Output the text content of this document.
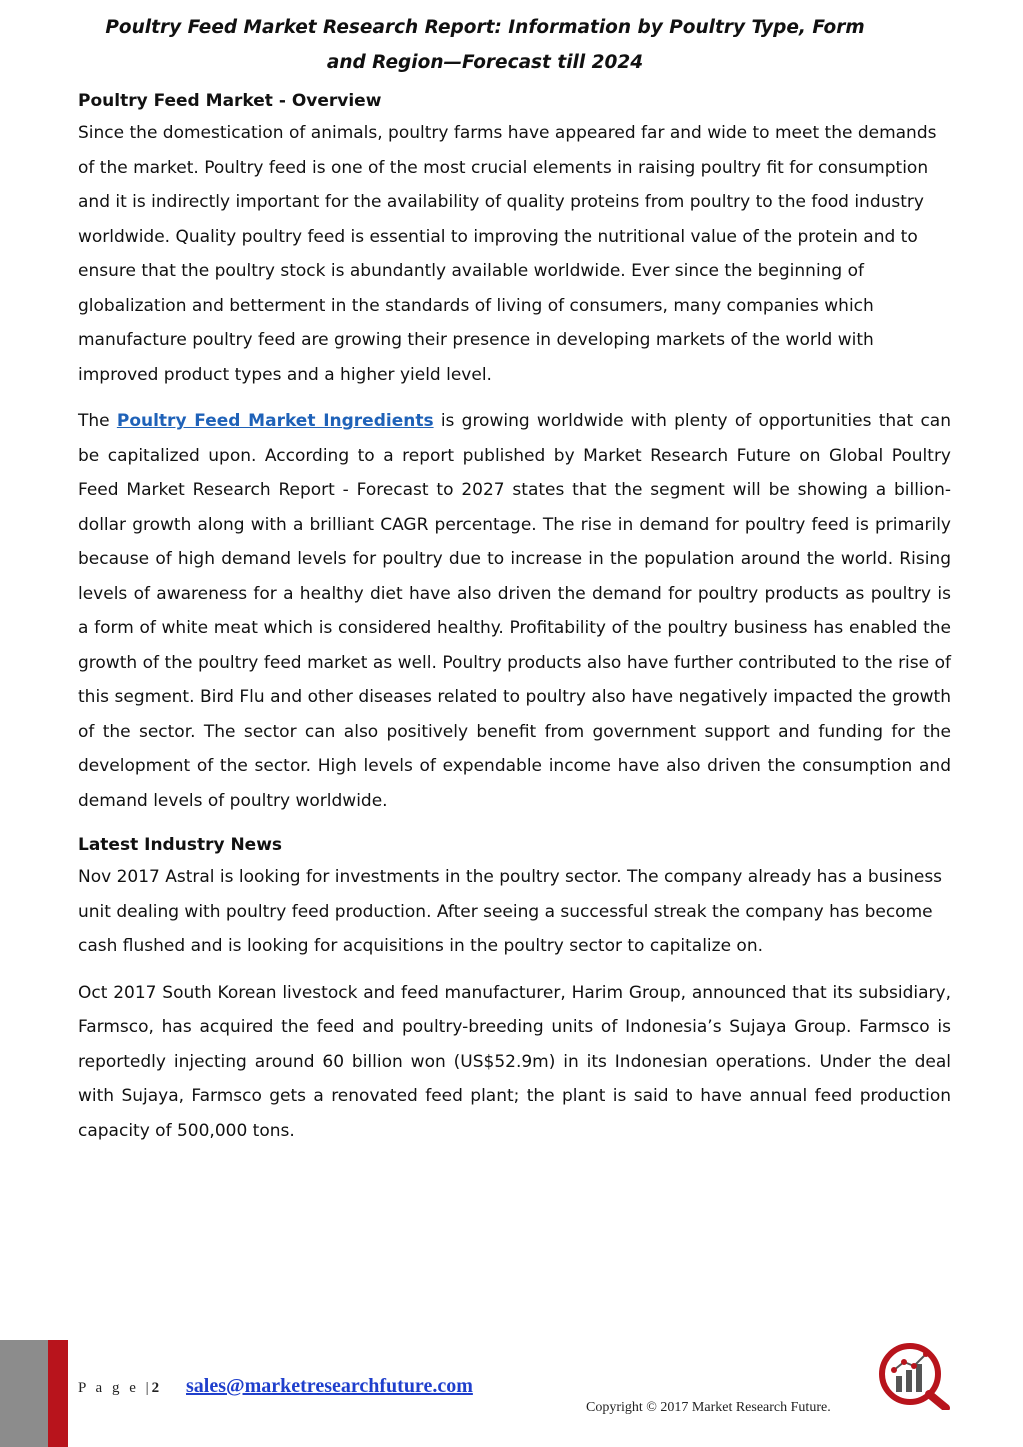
Poultry Feed Market Research Report: Information by Poultry Type, Form
and Region—Forecast till 2024
Poultry Feed Market - Overview

Since the domestication of animals, poultry farms have appeared far and wide to meet the demands of the market. Poultry feed is one of the most crucial elements in raising poultry fit for consumption and it is indirectly important for the availability of quality proteins from poultry to the food industry worldwide. Quality poultry feed is essential to improving the nutritional value of the protein and to ensure that the poultry stock is abundantly available worldwide. Ever since the beginning of globalization and betterment in the standards of living of consumers, many companies which manufacture poultry feed are growing their presence in developing markets of the world with improved product types and a higher yield level.

The Poultry Feed Market Ingredients is growing worldwide with plenty of opportunities that can be capitalized upon. According to a report published by Market Research Future on Global Poultry Feed Market Research Report - Forecast to 2027 states that the segment will be showing a billion-dollar growth along with a brilliant CAGR percentage. The rise in demand for poultry feed is primarily because of high demand levels for poultry due to increase in the population around the world. Rising levels of awareness for a healthy diet have also driven the demand for poultry products as poultry is a form of white meat which is considered healthy. Profitability of the poultry business has enabled the growth of the poultry feed market as well. Poultry products also have further contributed to the rise of this segment. Bird Flu and other diseases related to poultry also have negatively impacted the growth of the sector. The sector can also positively benefit from government support and funding for the development of the sector. High levels of expendable income have also driven the consumption and demand levels of poultry worldwide.

Latest Industry News

Nov 2017 Astral is looking for investments in the poultry sector. The company already has a business unit dealing with poultry feed production. After seeing a successful streak the company has become cash flushed and is looking for acquisitions in the poultry sector to capitalize on.

Oct 2017 South Korean livestock and feed manufacturer, Harim Group, announced that its subsidiary, Farmsco, has acquired the feed and poultry-breeding units of Indonesia’s Sujaya Group. Farmsco is reportedly injecting around 60 billion won (US$52.9m) in its Indonesian operations. Under the deal with Sujaya, Farmsco gets a renovated feed plant; the plant is said to have annual feed production capacity of 500,000 tons.

P a g e |2 sales@marketresearchfuture.com
Copyright © 2017 Market Research Future.
